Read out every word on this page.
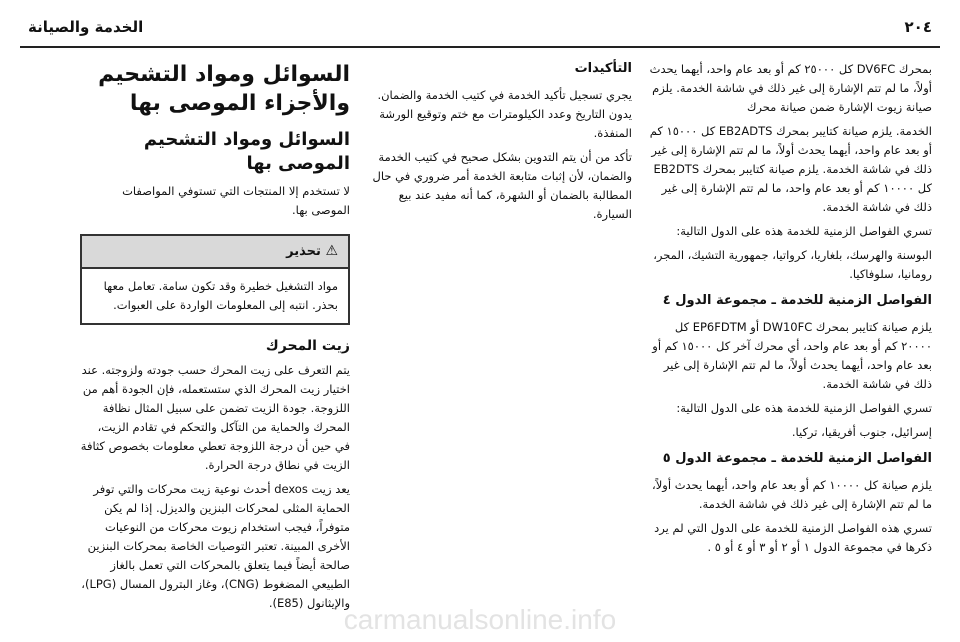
٢٠٤
الخدمة والصيانة

بمحرك DV6FC كل ٢٥٠٠٠ كم أو بعد عام واحد، أيهما يحدث أولاً، ما لم تتم الإشارة إلى غير ذلك في شاشة الخدمة. يلزم صيانة زيوت الإشارة ضمن صيانة محرك

الخدمة. يلزم صيانة كتايبر بمحرك EB2ADTS كل ١٥٠٠٠ كم أو بعد عام واحد، أيهما يحدث أولاً، ما لم تتم الإشارة إلى غير ذلك في شاشة الخدمة. يلزم صيانة كتايبر بمحرك EB2DTS كل ١٠٠٠٠ كم أو بعد عام واحد، ما لم تتم الإشارة إلى غير ذلك في شاشة الخدمة.

تسري الفواصل الزمنية للخدمة هذه على الدول التالية:

البوسنة والهرسك، بلغاريا، كرواتيا، جمهورية التشيك، المجر، رومانيا، سلوفاكيا.

الفواصل الزمنية للخدمة ـ مجموعة الدول ٤

يلزم صيانة كتايبر بمحرك DW10FC أو EP6FDTM كل ٢٠٠٠٠ كم أو بعد عام واحد، أي محرك آخر كل ١٥٠٠٠ كم أو بعد عام واحد، أيهما يحدث أولاً، ما لم تتم الإشارة إلى غير ذلك في شاشة الخدمة.

تسري الفواصل الزمنية للخدمة هذه على الدول التالية:

إسرائيل، جنوب أفريقيا، تركيا.

الفواصل الزمنية للخدمة ـ مجموعة الدول ٥

يلزم صيانة كل ١٠٠٠٠ كم أو بعد عام واحد، أيهما يحدث أولاً، ما لم تتم الإشارة إلى غير ذلك في شاشة الخدمة.

تسري هذه الفواصل الزمنية للخدمة على الدول التي لم يرد ذكرها في مجموعة الدول ١ أو ٢ أو ٣ أو ٤ أو ٥ .

التأكيدات

يجري تسجيل تأكيد الخدمة في كتيب الخدمة والضمان. يدون التاريخ وعدد الكيلومترات مع ختم وتوقيع الورشة المنفذة.

تأكد من أن يتم التدوين بشكل صحيح في كتيب الخدمة والضمان، لأن إثبات متابعة الخدمة أمر ضروري في حال المطالبة بالضمان أو الشهرة، كما أنه مفيد عند بيع السيارة.

السوائل ومواد التشحيم والأجزاء الموصى بها
السوائل ومواد التشحيم الموصى بها

لا تستخدم إلا المنتجات التي تستوفي المواصفات الموصى بها.

⚠ تحذير
مواد التشغيل خطيرة وقد تكون سامة. تعامل معها بحذر. انتبه إلى المعلومات الواردة على العبوات.
زيت المحرك

يتم التعرف على زيت المحرك حسب جودته ولزوجته. عند اختيار زيت المحرك الذي ستستعمله، فإن الجودة أهم من اللزوجة. جودة الزيت تضمن على سبيل المثال نظافة المحرك والحماية من التآكل والتحكم في تقادم الزيت، في حين أن درجة اللزوجة تعطي معلومات بخصوص كثافة الزيت في نطاق درجة الحرارة.

يعد زيت dexos أحدث نوعية زيت محركات والتي توفر الحماية المثلى لمحركات البنزين والديزل. إذا لم يكن متوفراً، فيجب استخدام زيوت محركات من النوعيات الأخرى المبينة. تعتبر التوصيات الخاصة بمحركات البنزين صالحة أيضاً فيما يتعلق بالمحركات التي تعمل بالغاز الطبيعي المضغوط (CNG)، وغاز البترول المسال (LPG)، والإيثانول (E85).

carmanualsonline.info
